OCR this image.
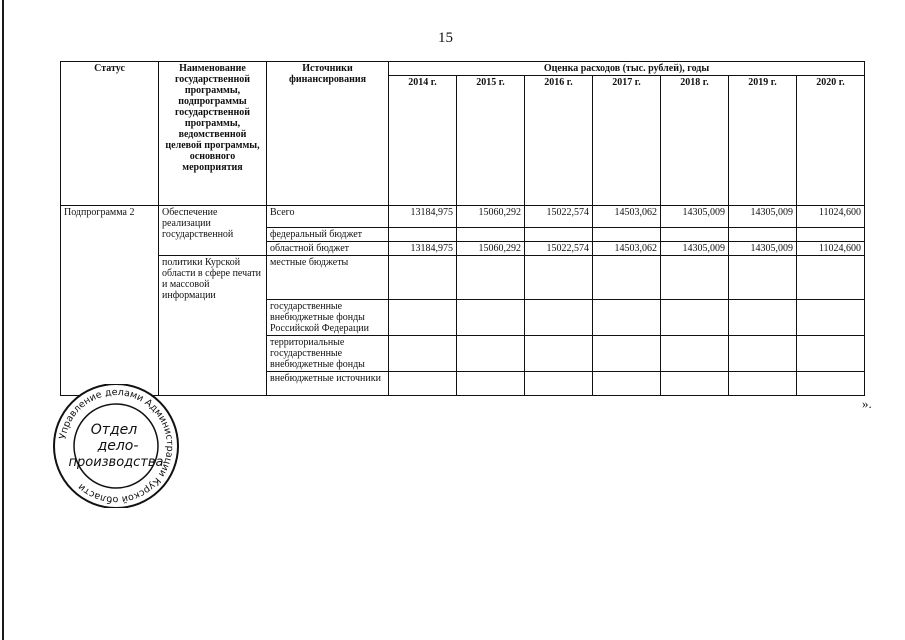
15
Статус	Наименование государственной программы, подпрограммы государственной программы, ведомственной целевой программы, основного мероприятия	Источники финансирования	Оценка расходов (тыс. рублей), годы						
			2014 г.	2015 г.	2016 г.	2017 г.	2018 г.	2019 г.	2020 г.
Подпрограмма 2	Обеспечение реализации государственной	Всего	13184,975	15060,292	15022,574	14503,062	14305,009	14305,009	11024,600
		федеральный бюджет							
		областной бюджет	13184,975	15060,292	15022,574	14503,062	14305,009	14305,009	11024,600
	политики Курской области в сфере печати и массовой информации	местные бюджеты							
		государственные внебюджетные фонды Российской Федерации							
		территориальные государственные внебюджетные фонды							
		внебюджетные источники							
».
Управление делами Администрации Курской области
Отдел
дело-
производства
